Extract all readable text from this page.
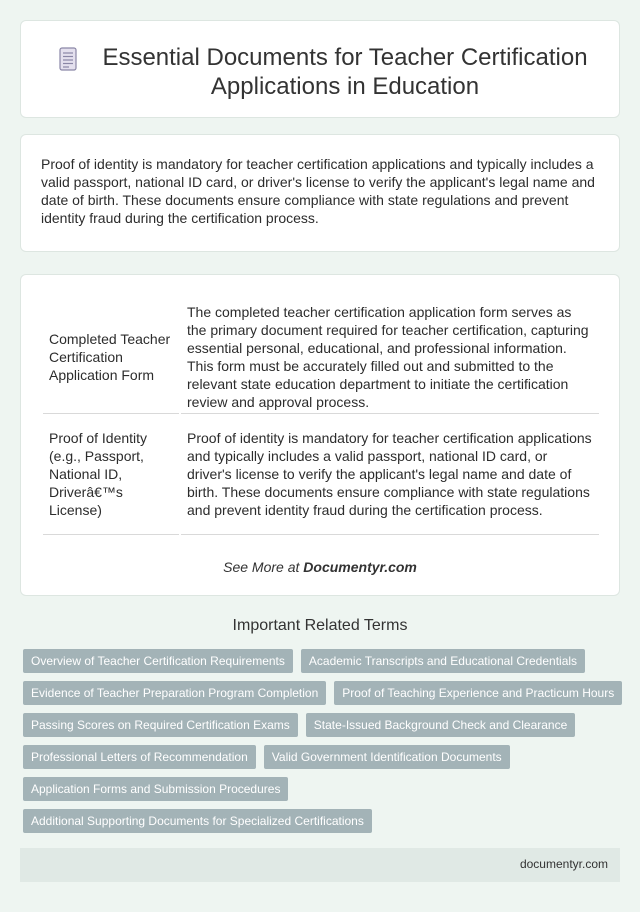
Essential Documents for Teacher Certification Applications in Education

Proof of identity is mandatory for teacher certification applications and typically includes a valid passport, national ID card, or driver's license to verify the applicant's legal name and date of birth. These documents ensure compliance with state regulations and prevent identity fraud during the certification process.

Completed Teacher Certification Application Form	The completed teacher certification application form serves as the primary document required for teacher certification, capturing essential personal, educational, and professional information. This form must be accurately filled out and submitted to the relevant state education department to initiate the certification review and approval process.
Proof of Identity (e.g., Passport, National ID, Driverâ€™s License)	Proof of identity is mandatory for teacher certification applications and typically includes a valid passport, national ID card, or driver's license to verify the applicant's legal name and date of birth. These documents ensure compliance with state regulations and prevent identity fraud during the certification process.
See More at Documentyr.com
Important Related Terms
Overview of Teacher Certification Requirements	Academic Transcripts and Educational Credentials
Evidence of Teacher Preparation Program Completion	Proof of Teaching Experience and Practicum Hours
Passing Scores on Required Certification Exams	State-Issued Background Check and Clearance
Professional Letters of Recommendation	Valid Government Identification Documents
Application Forms and Submission Procedures
Additional Supporting Documents for Specialized Certifications
documentyr.com
